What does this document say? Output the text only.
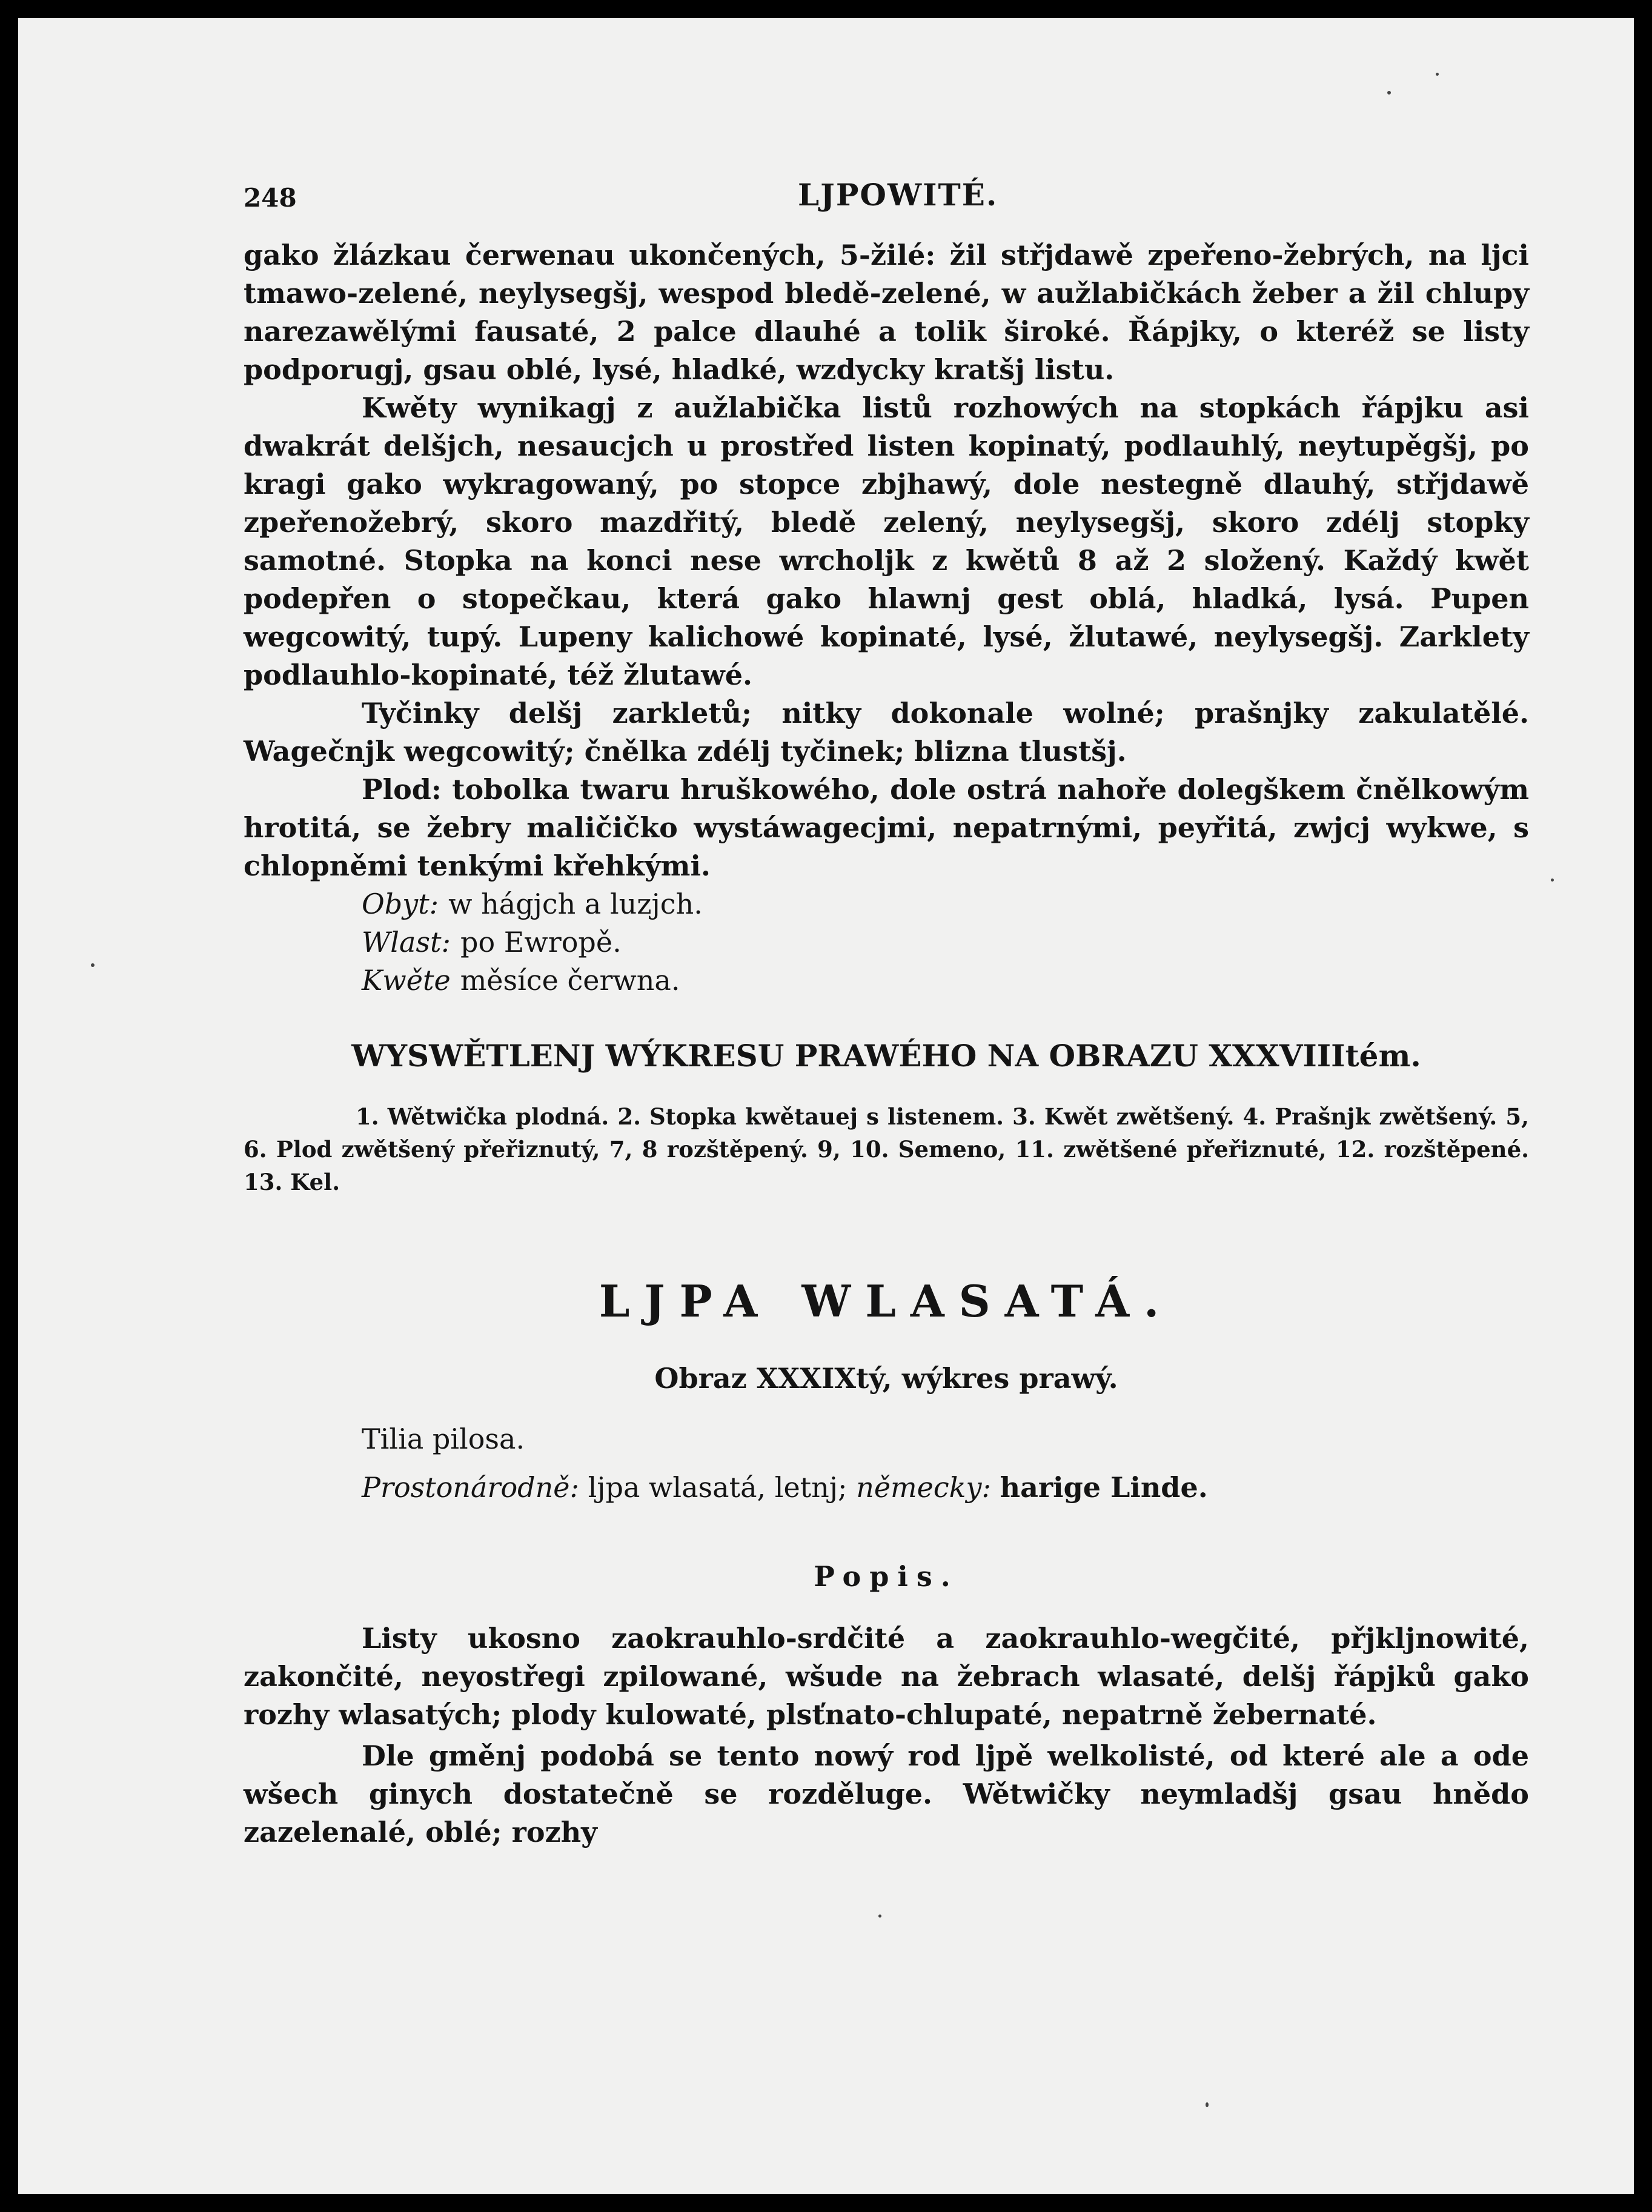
248	LJPOWITÉ.

gako žlázkau čerwenau ukončených, 5-žilé: žil střjdawě zpeřeno-žebrých, na ljci tmawo-zelené, neylysegšj, wespod bledě-zelené, w aužlabičkách žeber a žil chlupy narezawělými fausaté, 2 palce dlauhé a tolik široké. Řápjky, o kteréž se listy podporugj, gsau oblé, lysé, hladké, wzdycky kratšj listu.

Kwěty wynikagj z aužlabička listů rozhowých na stopkách řápjku asi dwakrát delšjch, nesaucjch u prostřed listen kopinatý, podlauhlý, neytupěgšj, po kragi gako wykragowaný, po stopce zbjhawý, dole nestegně dlauhý, střjdawě zpeřenožebrý, skoro mazdřitý, bledě zelený, neylysegšj, skoro zdélj stopky samotné. Stopka na konci nese wrcholjk z kwětů 8 až 2 složený. Každý kwět podepřen o stopečkau, která gako hlawnj gest oblá, hladká, lysá. Pupen wegcowitý, tupý. Lupeny kalichowé kopinaté, lysé, žlutawé, neylysegšj. Zarklety podlauhlo-kopinaté, též žlutawé.

Tyčinky delšj zarkletů; nitky dokonale wolné; prašnjky zakulatělé. Wagečnjk wegcowitý; čnělka zdélj tyčinek; blizna tlustšj.

Plod: tobolka twaru hruškowého, dole ostrá nahoře dolegškem čnělkowým hrotitá, se žebry maličičko wystáwagecjmi, nepatrnými, peyřitá, zwjcj wykwe, s chlopněmi tenkými křehkými.

Obyt: w hágjch a luzjch.

Wlast: po Ewropě.

Kwěte měsíce čerwna.

WYSWĚTLENJ WÝKRESU PRAWÉHO NA OBRAZU XXXVIIItém.

1. Wětwička plodná. 2. Stopka kwětauej s listenem. 3. Kwět zwětšený. 4. Prašnjk zwětšený. 5, 6. Plod zwětšený přeřiznutý, 7, 8 rozštěpený. 9, 10. Semeno, 11. zwětšené přeřiznuté, 12. rozštěpené. 13. Kel.

LJPA WLASATÁ.
Obraz XXXIXtý, wýkres prawý.
Tilia pilosa.
Prostonárodně: ljpa wlasatá, letnj; německy: harige Linde.
Popis.

Listy ukosno zaokrauhlo-srdčité a zaokrauhlo-wegčité, přjkljnowité, zakončité, neyostřegi zpilowané, wšude na žebrach wlasaté, delšj řápjků gako rozhy wlasatých; plody kulowaté, plsťnato-chlupaté, nepatrně žebernaté.

Dle gměnj podobá se tento nowý rod ljpě welkolisté, od které ale a ode wšech ginych dostatečně se rozděluge. Wětwičky neymladšj gsau hnědo zazelenalé, oblé; rozhy
